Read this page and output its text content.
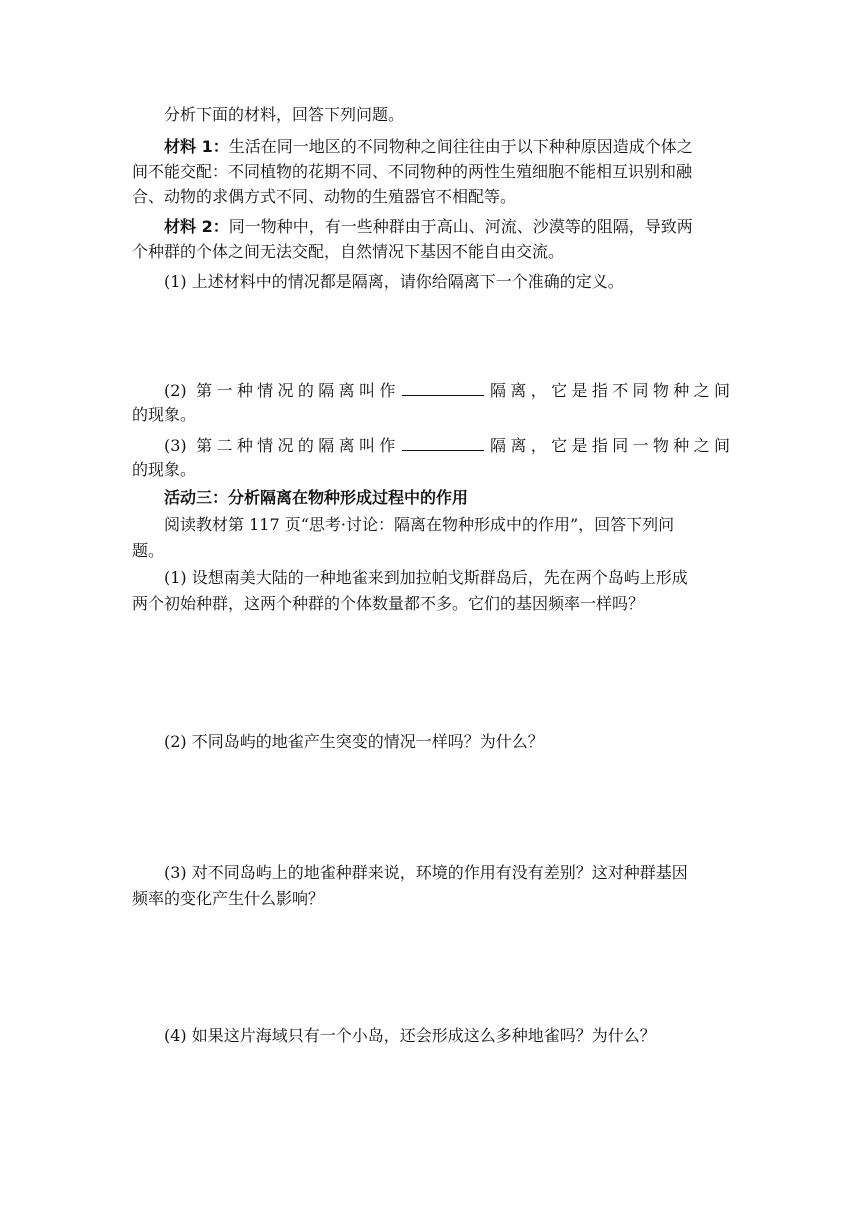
分析下面的材料，回答下列问题。
材料 1：生活在同一地区的不同物种之间往往由于以下种种原因造成个体之
间不能交配：不同植物的花期不同、不同物种的两性生殖细胞不能相互识别和融
合、动物的求偶方式不同、动物的生殖器官不相配等。
材料 2：同一物种中，有一些种群由于高山、河流、沙漠等的阻隔，导致两
个种群的个体之间无法交配，自然情况下基因不能自由交流。
(1) 上述材料中的情况都是隔离，请你给隔离下一个准确的定义。
(2) 第一种情况的隔离叫作	隔离，它是指不同物种之间
的现象。
(3) 第二种情况的隔离叫作	隔离，它是指同一物种之间
的现象。
活动三：分析隔离在物种形成过程中的作用
阅读教材第 117 页“思考·讨论：隔离在物种形成中的作用”，回答下列问
题。
(1) 设想南美大陆的一种地雀来到加拉帕戈斯群岛后，先在两个岛屿上形成
两个初始种群，这两个种群的个体数量都不多。它们的基因频率一样吗？
(2) 不同岛屿的地雀产生突变的情况一样吗？为什么？
(3) 对不同岛屿上的地雀种群来说，环境的作用有没有差别？这对种群基因
频率的变化产生什么影响？
(4) 如果这片海域只有一个小岛，还会形成这么多种地雀吗？为什么？
